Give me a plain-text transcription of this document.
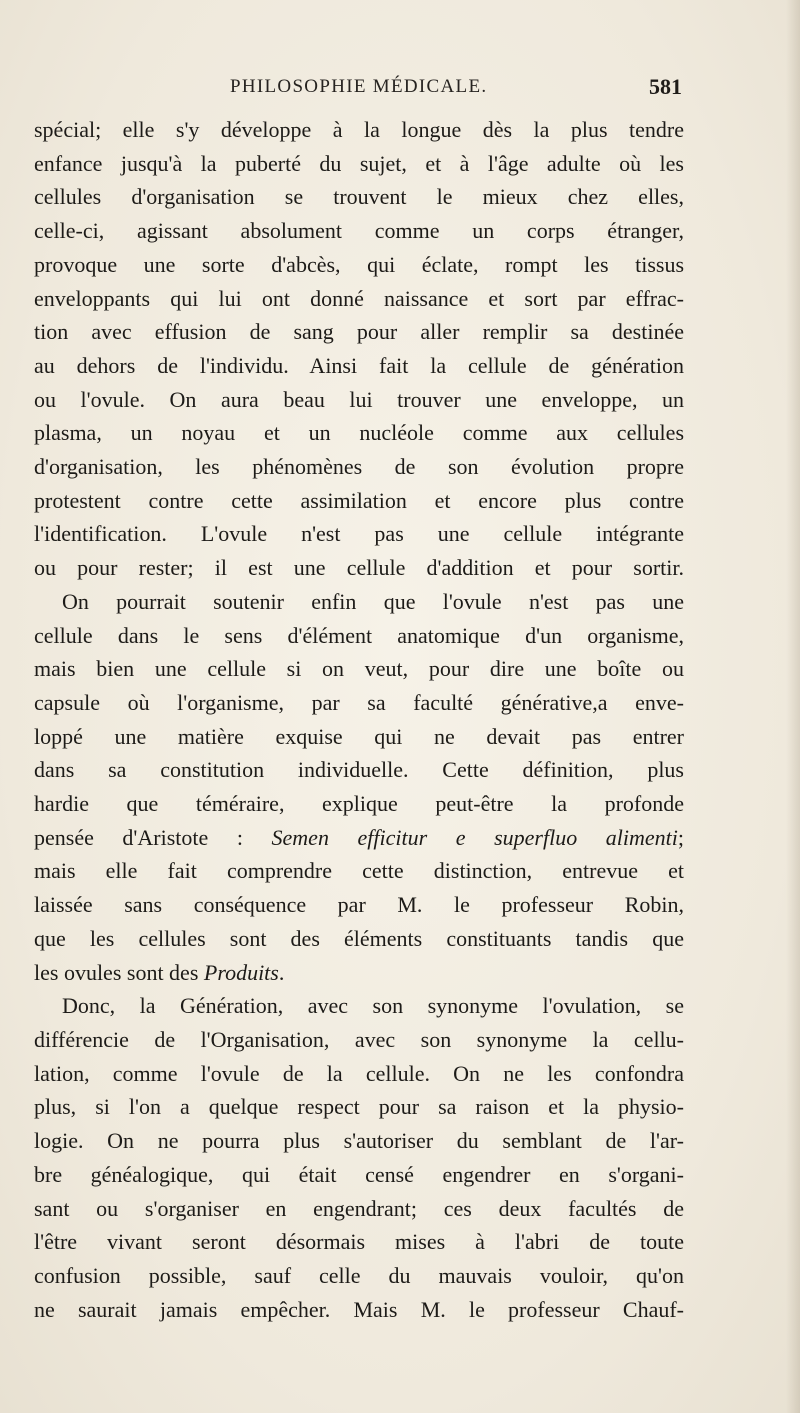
PHILOSOPHIE MÉDICALE.	581

spécial; elle s'y développe à la longue dès la plus tendre

enfance jusqu'à la puberté du sujet, et à l'âge adulte où les

cellules d'organisation se trouvent le mieux chez elles,

celle-ci, agissant absolument comme un corps étranger,

provoque une sorte d'abcès, qui éclate, rompt les tissus

enveloppants qui lui ont donné naissance et sort par effrac-

tion avec effusion de sang pour aller remplir sa destinée

au dehors de l'individu. Ainsi fait la cellule de génération

ou l'ovule. On aura beau lui trouver une enveloppe, un

plasma, un noyau et un nucléole comme aux cellules

d'organisation, les phénomènes de son évolution propre

protestent contre cette assimilation et encore plus contre

l'identification. L'ovule n'est pas une cellule intégrante

ou pour rester; il est une cellule d'addition et pour sortir.

On pourrait soutenir enfin que l'ovule n'est pas une

cellule dans le sens d'élément anatomique d'un organisme,

mais bien une cellule si on veut, pour dire une boîte ou

capsule où l'organisme, par sa faculté générative,a enve-

loppé une matière exquise qui ne devait pas entrer

dans sa constitution individuelle. Cette définition, plus

hardie que téméraire, explique peut-être la profonde

pensée d'Aristote : Semen efficitur e superfluo alimenti;

mais elle fait comprendre cette distinction, entrevue et

laissée sans conséquence par M. le professeur Robin,

que les cellules sont des éléments constituants tandis que

les ovules sont des Produits.

Donc, la Génération, avec son synonyme l'ovulation, se

différencie de l'Organisation, avec son synonyme la cellu-

lation, comme l'ovule de la cellule. On ne les confondra

plus, si l'on a quelque respect pour sa raison et la physio-

logie. On ne pourra plus s'autoriser du semblant de l'ar-

bre généalogique, qui était censé engendrer en s'organi-

sant ou s'organiser en engendrant; ces deux facultés de

l'être vivant seront désormais mises à l'abri de toute

confusion possible, sauf celle du mauvais vouloir, qu'on

ne saurait jamais empêcher. Mais M. le professeur Chauf-
